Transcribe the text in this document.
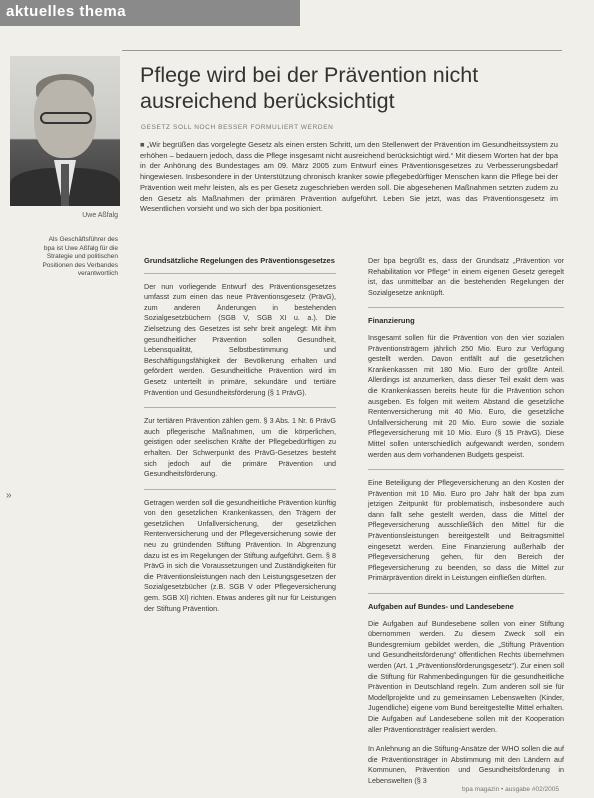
aktuelles thema
Uwe Aßfalg
Als Geschäftsführer des bpa ist Uwe Aßfalg für die Strategie und politischen Positionen des Verbandes verantwortlich
Pflege wird bei der Prävention nicht
ausreichend berücksichtigt
GESETZ SOLL NOCH BESSER FORMULIERT WERDEN
■ „Wir begrüßen das vorgelegte Gesetz als einen ersten Schritt, um den Stellenwert der Prävention im Gesundheitssystem zu erhöhen – bedauern jedoch, dass die Pflege insgesamt nicht ausreichend berücksichtigt wird.“ Mit diesem Worten hat der bpa in der Anhörung des Bundestages am 09. März 2005 zum Entwurf eines Präventionsgesetzes zu Verbesserungsbedarf hingewiesen. Insbesondere in der Unterstützung chronisch kranker sowie pflegebedürftiger Menschen kann die Pflege bei der Prävention weit mehr leisten, als es per Gesetz zugeschrieben werden soll. Die abgesehenen Maßnahmen setzten zudem zu den Gesetz als Maßnahmen der primären Prävention aufgeführt. Leben Sie jetzt, was das Präventionsgesetz im Wesentlichen vorsieht und wo sich der bpa positioniert.
»
Grundsätzliche Regelungen des Präventionsgesetzes

Der nun vorliegende Entwurf des Präventionsgesetzes umfasst zum einen das neue Präventionsgesetz (PrävG), zum anderen Änderungen in bestehenden Sozialgesetzbüchern (SGB V, SGB XI u. a.). Die Zielsetzung des Gesetzes ist sehr breit angelegt: Mit ihm gesundheitlicher Prävention sollen Gesundheit, Lebensqualität, Selbstbestimmung und Beschäftigungsfähigkeit der Bevölkerung erhalten und gefördert werden. Gesundheitliche Prävention wird im Gesetz unterteilt in primäre, sekundäre und tertiäre Prävention und Gesundheitsförderung (§ 1 PrävG).

Zur tertiären Prävention zählen gem. § 3 Abs. 1 Nr. 6 PrävG auch pflegerische Maßnahmen, um die körperlichen, geistigen oder seelischen Kräfte der Pflegebedürftigen zu erhalten. Der Schwerpunkt des PrävG-Gesetzes besteht sich jedoch auf die primäre Prävention und Gesundheitsförderung.

Getragen werden soll die gesundheitliche Prävention künftig von den gesetzlichen Krankenkassen, den Trägern der gesetzlichen Unfallversicherung, der gesetzlichen Rentenversicherung und der Pflegeversicherung sowie der neu zu gründenden Stiftung Prävention. In Abgrenzung dazu ist es im Regelungen der Stiftung aufgeführt. Gem. § 8 PrävG in sich die Voraussetzungen und Zuständigkeiten für die Präventionsleistungen nach den Leistungsgesetzen der Sozialgesetzbücher (z.B. SGB V oder Pflegeversicherung gem. SGB XI) richten. Etwas anderes gilt nur für Leistungen der Stiftung Prävention.

Der bpa begrüßt es, dass der Grundsatz „Prävention vor Rehabilitation vor Pflege“ in einem eigenen Gesetz geregelt ist, das unmittelbar an die bestehenden Regelungen der Sozialgesetze anknüpft.

Finanzierung

Insgesamt sollen für die Prävention von den vier sozialen Präventionsträgern jährlich 250 Mio. Euro zur Verfügung gestellt werden. Davon entfällt auf die gesetzlichen Krankenkassen mit 180 Mio. Euro der größte Anteil. Allerdings ist anzumerken, dass dieser Teil exakt dem was die Krankenkassen bereits heute für die Prävention schon ausgeben. Es folgen mit weitem Abstand die gesetzliche Rentenversicherung mit 40 Mio. Euro, die gesetzliche Unfallversicherung mit 20 Mio. Euro sowie die soziale Pflegeversicherung mit 10 Mio. Euro (§ 15 PrävG). Diese Mittel sollen unterschiedlich aufgewandt werden, sondern werden aus dem vorhandenen Budgets gespeist.

Eine Beteiligung der Pflegeversicherung an den Kosten der Prävention mit 10 Mio. Euro pro Jahr hält der bpa zum jetzigen Zeitpunkt für problematisch, insbesondere auch dann fallt sehe gestellt werden, dass die Mittel der Pflegeversicherung ausschließlich den Mittel für die Präventionsleistungen bereitgestellt und Beitragsmittel eingesetzt werden. Eine Finanzierung außerhalb der Pflegeversicherung gehen, für den Bereich der Pflegeversicherung zu beenden, so dass die Mittel zur Primärprävention direkt in Leistungen einfließen dürften.

Aufgaben auf Bundes- und Landesebene

Die Aufgaben auf Bundesebene sollen von einer Stiftung übernommen werden. Zu diesem Zweck soll ein Bundesgremium gebildet werden, die „Stiftung Prävention und Gesundheitsförderung“ öffentlichen Rechts übernehmen werden (Art. 1 „Präventionsförderungsgesetz“). Zur einen soll die Stiftung für Rahmenbedingungen für die gesundheitliche Prävention in Deutschland regeln. Zum anderen soll sie für Modellprojekte und zu gemeinsamen Lebenswelten (Kinder, Jugendliche) eigene vom Bund bereitgestellte Mittel erhalten. Die Aufgaben auf Landesebene sollen mit der Kooperation aller Präventionsträger realisiert werden.

In Anlehnung an die Stiftung-Ansätze der WHO sollen die auf die Präventionsträger in Abstimmung mit den Ländern auf Kommunen, Prävention und Gesundheitsförderung in Lebenswelten (§ 3

bpa magazin • ausgabe #02/2005
